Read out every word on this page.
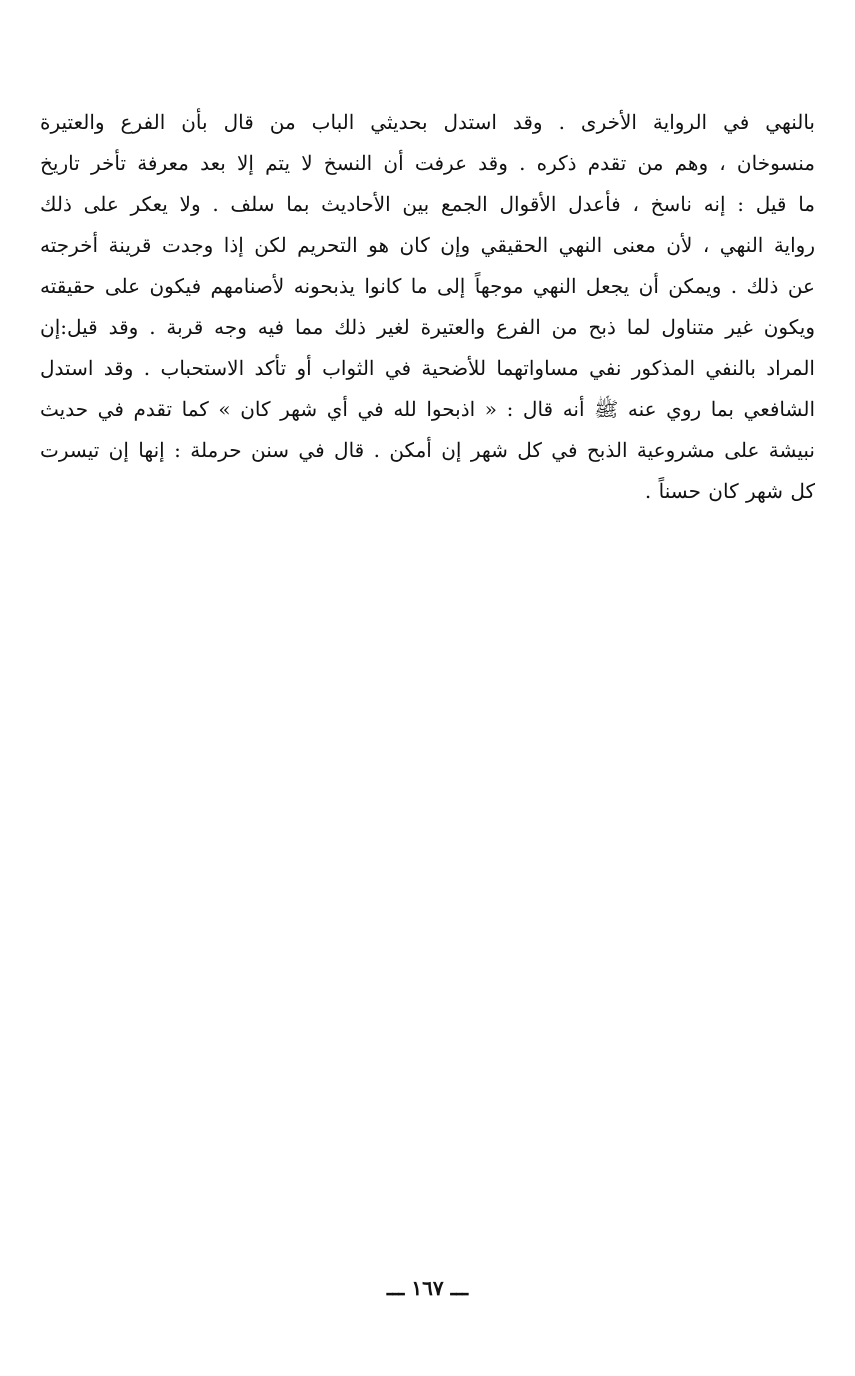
بالنهي في الرواية الأخرى . وقد استدل بحديثي الباب من قال بأن الفرع والعتيرة
منسوخان ، وهم من تقدم ذكره . وقد عرفت أن النسخ لا يتم إلا بعد معرفة تأخر تاريخ
ما قيل : إنه ناسخ ، فأعدل الأقوال الجمع بين الأحاديث بما سلف . ولا يعكر على ذلك
رواية النهي ، لأن معنى النهي الحقيقي وإن كان هو التحريم لكن إذا وجدت قرينة أخرجته
عن ذلك . ويمكن أن يجعل النهي موجهاً إلى ما كانوا يذبحونه لأصنامهم فيكون على حقيقته
ويكون غير متناول لما ذبح من الفرع والعتيرة لغير ذلك مما فيه وجه قربة . وقد قيل:إن
المراد بالنفي المذكور نفي مساواتهما للأضحية في الثواب أو تأكد الاستحباب . وقد استدل
الشافعي بما روي عنه ﷺ أنه قال : « اذبحوا لله في أي شهر كان » كما تقدم في حديث
نبيشة على مشروعية الذبح في كل شهر إن أمكن . قال في سنن حرملة : إنها إن تيسرت
كل شهر كان حسناً .
ـــ ١٦٧ ـــ
